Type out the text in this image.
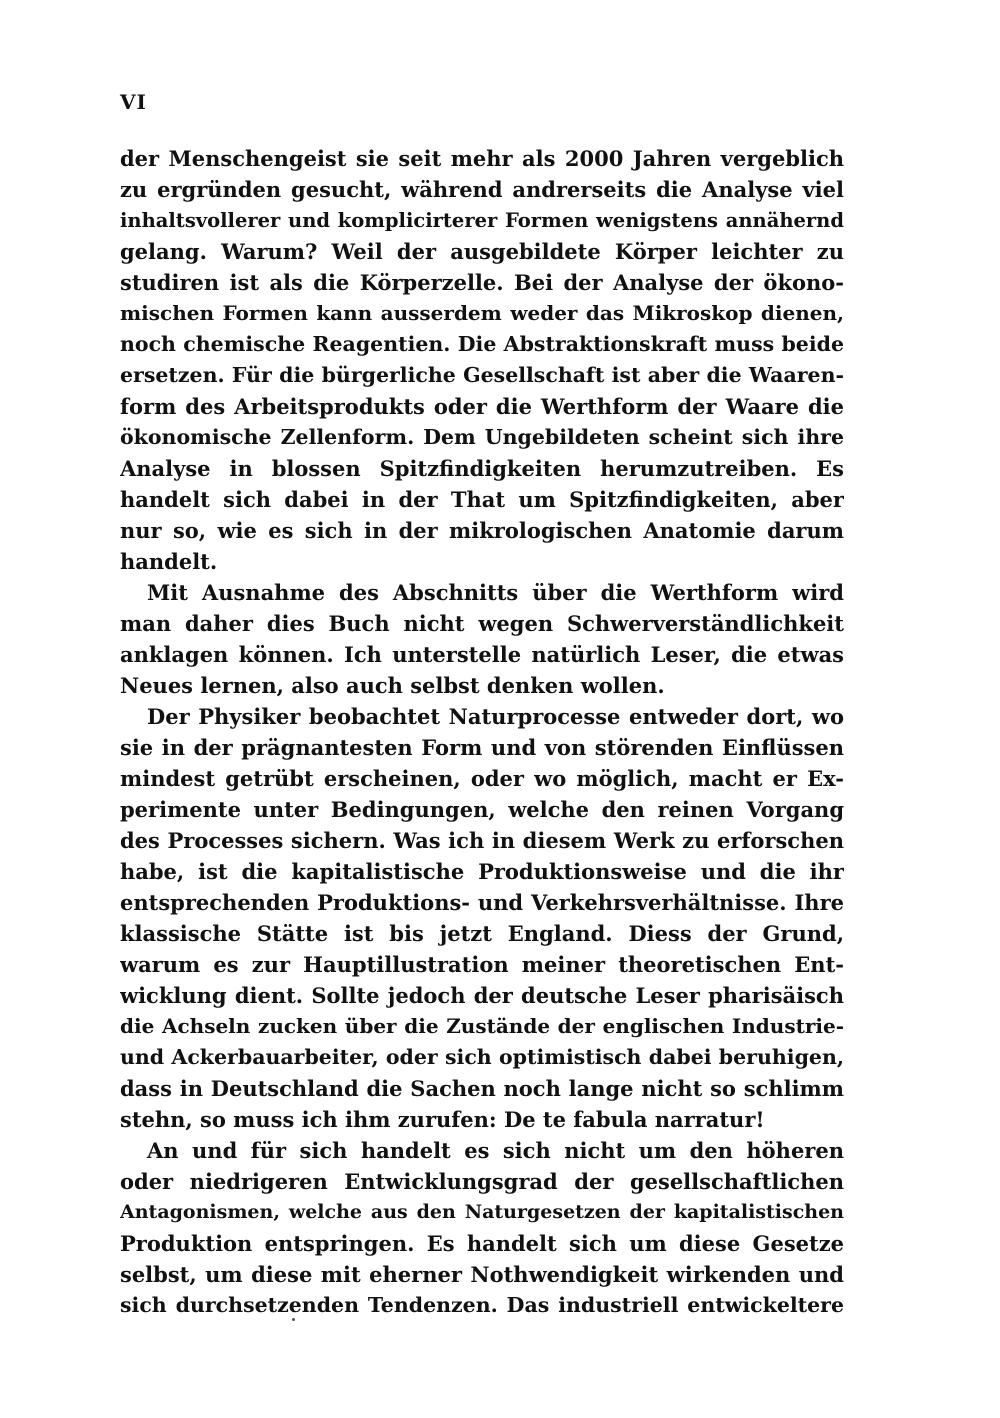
VI
der Menschengeist sie seit mehr als 2000 Jahren vergeblich
zu ergründen gesucht, während andrerseits die Analyse viel
inhaltsvollerer und komplicirterer Formen wenigstens annähernd
gelang. Warum? Weil der ausgebildete Körper leichter zu
studiren ist als die Körperzelle. Bei der Analyse der ökono-
mischen Formen kann ausserdem weder das Mikroskop dienen,
noch chemische Reagentien. Die Abstraktionskraft muss beide
ersetzen. Für die bürgerliche Gesellschaft ist aber die Waaren-
form des Arbeitsprodukts oder die Werthform der Waare die
ökonomische Zellenform. Dem Ungebildeten scheint sich ihre
Analyse in blossen Spitzfindigkeiten herumzutreiben. Es
handelt sich dabei in der That um Spitzfindigkeiten, aber
nur so, wie es sich in der mikrologischen Anatomie darum
handelt.
Mit Ausnahme des Abschnitts über die Werthform wird
man daher dies Buch nicht wegen Schwerverständlichkeit
anklagen können. Ich unterstelle natürlich Leser, die etwas
Neues lernen, also auch selbst denken wollen.
Der Physiker beobachtet Naturprocesse entweder dort, wo
sie in der prägnantesten Form und von störenden Einflüssen
mindest getrübt erscheinen, oder wo möglich, macht er Ex-
perimente unter Bedingungen, welche den reinen Vorgang
des Processes sichern. Was ich in diesem Werk zu erforschen
habe, ist die kapitalistische Produktionsweise und die ihr
entsprechenden Produktions- und Verkehrsverhältnisse. Ihre
klassische Stätte ist bis jetzt England. Diess der Grund,
warum es zur Hauptillustration meiner theoretischen Ent-
wicklung dient. Sollte jedoch der deutsche Leser pharisäisch
die Achseln zucken über die Zustände der englischen Industrie-
und Ackerbauarbeiter, oder sich optimistisch dabei beruhigen,
dass in Deutschland die Sachen noch lange nicht so schlimm
stehn, so muss ich ihm zurufen: De te fabula narratur!
An und für sich handelt es sich nicht um den höheren
oder niedrigeren Entwicklungsgrad der gesellschaftlichen
Antagonismen, welche aus den Naturgesetzen der kapitalistischen
Produktion entspringen. Es handelt sich um diese Gesetze
selbst, um diese mit eherner Nothwendigkeit wirkenden und
sich durchsetzenden Tendenzen. Das industriell entwickeltere
